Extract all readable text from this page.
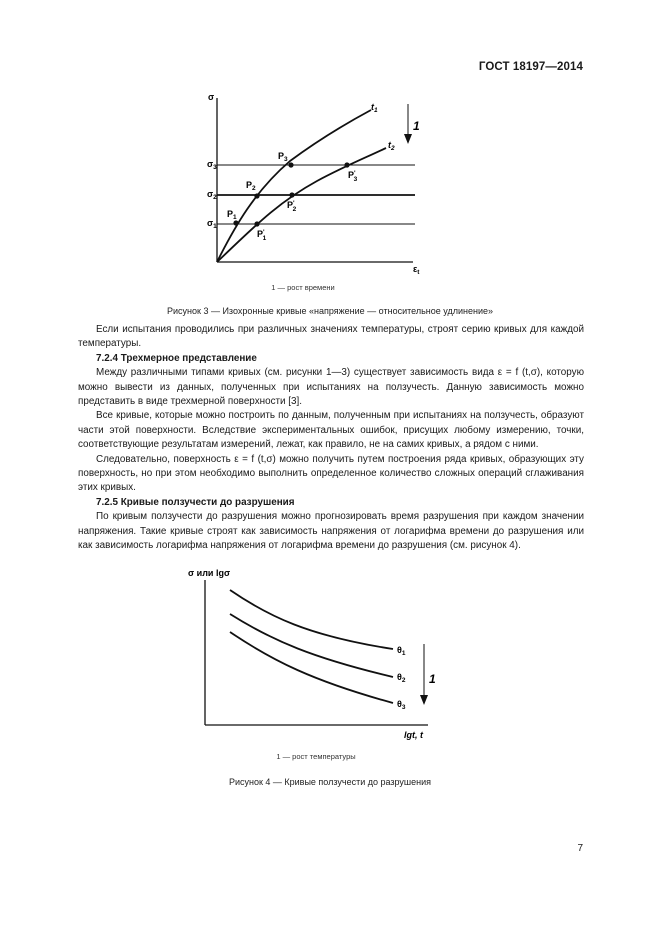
ГОСТ 18197—2014
σ
$\varepsilon_t$
$\sigma_3$
$\sigma_2$
$\sigma_1$
$t_1$
$t_2$
$P_3$
$P_2$
$P_1$
P' 3
P' 2
P' 1
1
1 — рост времени
Рисунок 3 — Изохронные кривые «напряжение — относительное удлинение»

Если испытания проводились при различных значениях температуры, строят серию кривых для каждой температуры.

7.2.4 Трехмерное представление

Между различными типами кривых (см. рисунки 1—3) существует зависимость вида ε = f (t,σ), которую можно вывести из данных, полученных при испытаниях на ползучесть. Данную зависимость можно представить в виде трехмерной поверхности [3].

Все кривые, которые можно построить по данным, полученным при испытаниях на ползучесть, образуют части этой поверхности. Вследствие экспериментальных ошибок, присущих любому измерению, точки, соответствующие результатам измерений, лежат, как правило, не на самих кривых, а рядом с ними.

Следовательно, поверхность ε = f (t,σ) можно получить путем построения ряда кривых, образующих эту поверхность, но при этом необходимо выполнить определенное количество сложных операций сглаживания этих кривых.

7.2.5 Кривые ползучести до разрушения

По кривым ползучести до разрушения можно прогнозировать время разрушения при каждом значении напряжения. Такие кривые строят как зависимость напряжения от логарифма времени до разрушения или как зависимость логарифма напряжения от логарифма времени до разрушения (см. рисунок 4).

σ или lgσ
lgt, t
$\theta_1$
$\theta_2$
$\theta_3$
1
1 — рост температуры
Рисунок 4 — Кривые ползучести до разрушения
7
